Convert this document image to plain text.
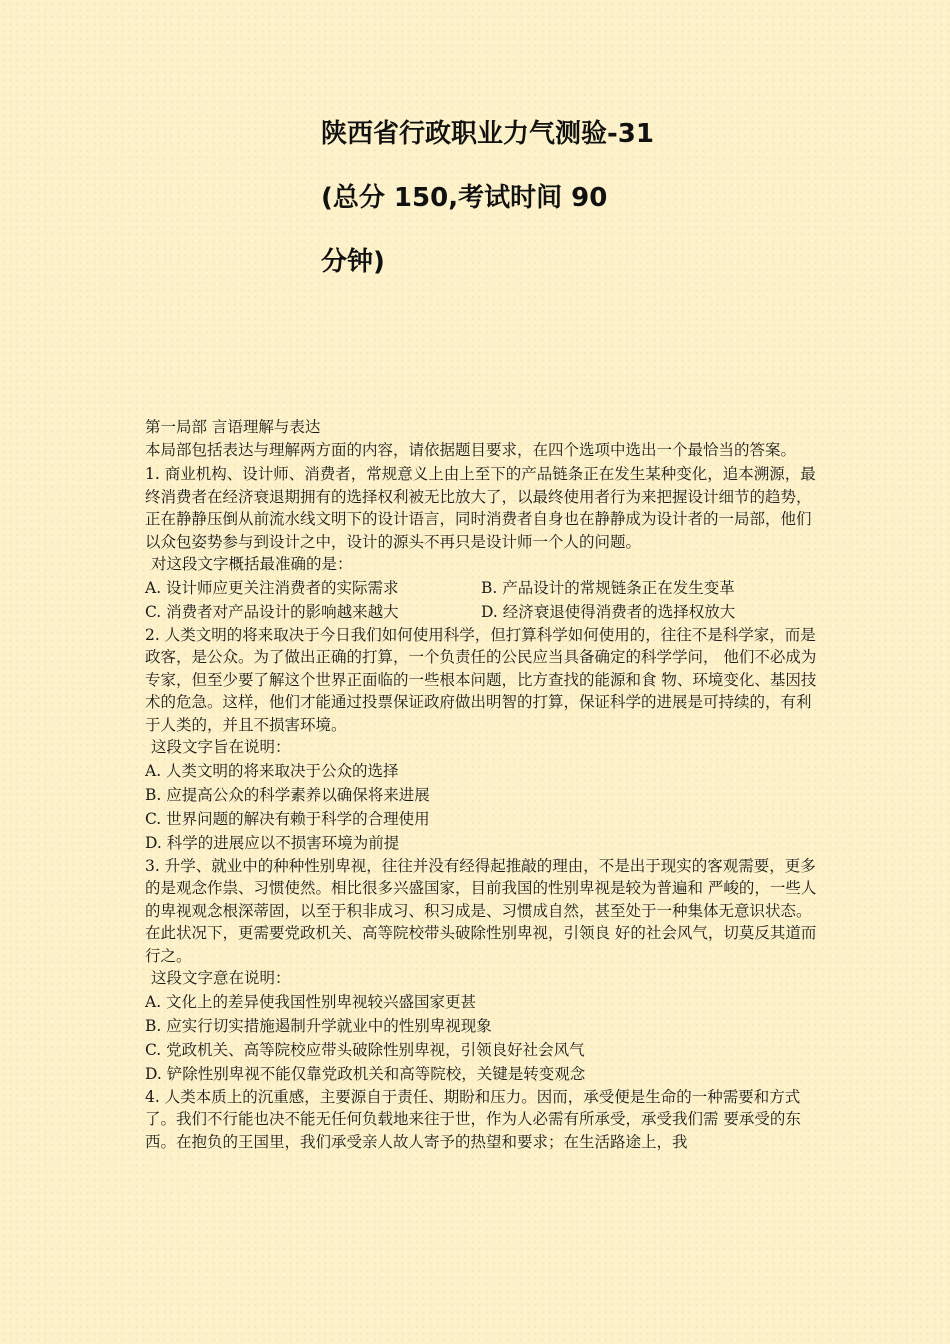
陕西省行政职业力气测验-31
(总分 150,考试时间 90
分钟)

第一局部 言语理解与表达

本局部包括表达与理解两方面的内容，请依据题目要求，在四个选项中选出一个最恰当的答案。

1. 商业机构、设计师、消费者，常规意义上由上至下的产品链条正在发生某种变化，追本溯源，最终消费者在经济衰退期拥有的选择权利被无比放大了，以最终使用者行为来把握设计细节的趋势，正在静静压倒从前流水线文明下的设计语言，同时消费者自身也在静静成为设计者的一局部，他们以众包姿势参与到设计之中，设计的源头不再只是设计师一个人的问题。

对这段文字概括最准确的是：

A. 设计师应更关注消费者的实际需求	B. 产品设计的常规链条正在发生变革
C. 消费者对产品设计的影响越来越大	D. 经济衰退使得消费者的选择权放大

2. 人类文明的将来取决于今日我们如何使用科学，但打算科学如何使用的，往往不是科学家，而是政客，是公众。为了做出正确的打算，一个负责任的公民应当具备确定的科学学问， 他们不必成为专家，但至少要了解这个世界正面临的一些根本问题，比方查找的能源和食 物、环境变化、基因技术的危急。这样，他们才能通过投票保证政府做出明智的打算，保证科学的进展是可持续的，有利于人类的，并且不损害环境。

这段文字旨在说明：

A. 人类文明的将来取决于公众的选择

B. 应提高公众的科学素养以确保将来进展

C. 世界问题的解决有赖于科学的合理使用

D. 科学的进展应以不损害环境为前提

3. 升学、就业中的种种性别卑视，往往并没有经得起推敲的理由，不是出于现实的客观需要，更多的是观念作祟、习惯使然。相比很多兴盛国家，目前我国的性别卑视是较为普遍和 严峻的，一些人的卑视观念根深蒂固，以至于积非成习、积习成是、习惯成自然，甚至处于一种集体无意识状态。在此状况下，更需要党政机关、高等院校带头破除性别卑视，引领良 好的社会风气，切莫反其道而行之。

这段文字意在说明：

A. 文化上的差异使我国性别卑视较兴盛国家更甚

B. 应实行切实措施遏制升学就业中的性别卑视现象

C. 党政机关、高等院校应带头破除性别卑视，引领良好社会风气

D. 铲除性别卑视不能仅靠党政机关和高等院校，关键是转变观念

4. 人类本质上的沉重感，主要源自于责任、期盼和压力。因而，承受便是生命的一种需要和方式了。我们不行能也决不能无任何负载地来往于世，作为人必需有所承受，承受我们需 要承受的东西。在抱负的王国里，我们承受亲人故人寄予的热望和要求；在生活路途上，我
